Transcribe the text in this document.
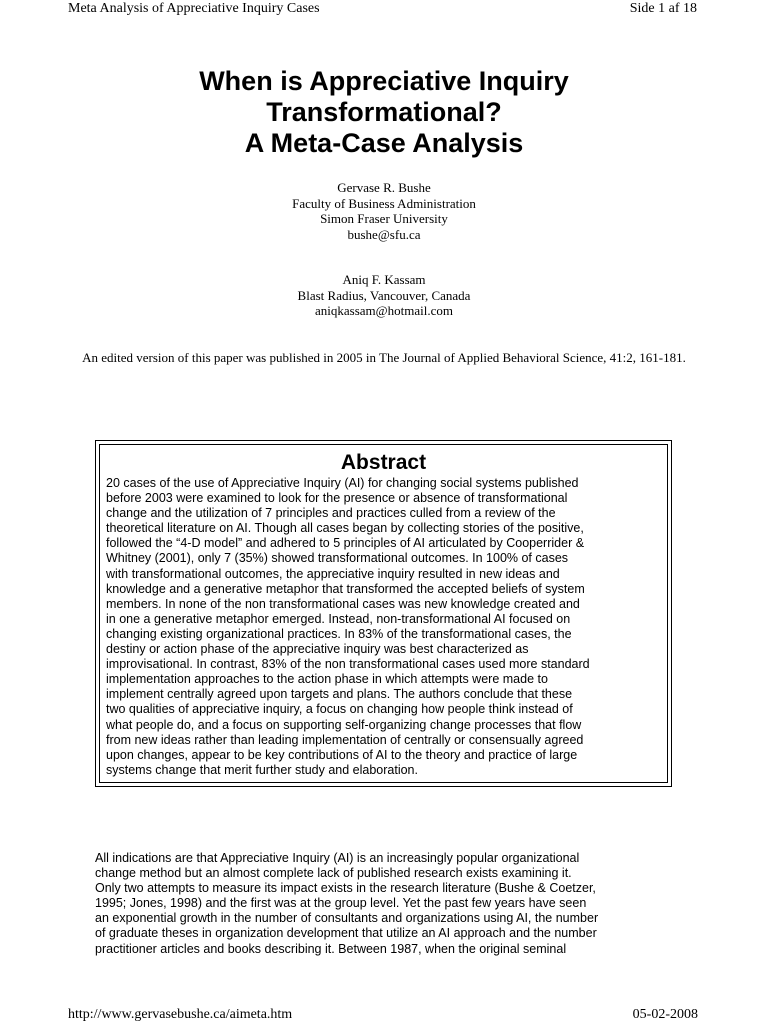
Meta Analysis of Appreciative Inquiry Cases	Side 1 af 18
When is Appreciative Inquiry
Transformational?
A Meta-Case Analysis
Gervase R. Bushe
Faculty of Business Administration
Simon Fraser University
bushe@sfu.ca
Aniq F. Kassam
Blast Radius, Vancouver, Canada
aniqkassam@hotmail.com
An edited version of this paper was published in 2005 in The Journal of Applied Behavioral Science, 41:2, 161-181.
Abstract
20 cases of the use of Appreciative Inquiry (AI) for changing social systems published
before 2003 were examined to look for the presence or absence of transformational
change and the utilization of 7 principles and practices culled from a review of the
theoretical literature on AI. Though all cases began by collecting stories of the positive,
followed the “4-D model” and adhered to 5 principles of AI articulated by Cooperrider &
Whitney (2001), only 7 (35%) showed transformational outcomes. In 100% of cases
with transformational outcomes, the appreciative inquiry resulted in new ideas and
knowledge and a generative metaphor that transformed the accepted beliefs of system
members. In none of the non transformational cases was new knowledge created and
in one a generative metaphor emerged. Instead, non-transformational AI focused on
changing existing organizational practices. In 83% of the transformational cases, the
destiny or action phase of the appreciative inquiry was best characterized as
improvisational. In contrast, 83% of the non transformational cases used more standard
implementation approaches to the action phase in which attempts were made to
implement centrally agreed upon targets and plans. The authors conclude that these
two qualities of appreciative inquiry, a focus on changing how people think instead of
what people do, and a focus on supporting self-organizing change processes that flow
from new ideas rather than leading implementation of centrally or consensually agreed
upon changes, appear to be key contributions of AI to the theory and practice of large
systems change that merit further study and elaboration.
All indications are that Appreciative Inquiry (AI) is an increasingly popular organizational
change method but an almost complete lack of published research exists examining it.
Only two attempts to measure its impact exists in the research literature (Bushe & Coetzer,
1995; Jones, 1998) and the first was at the group level. Yet the past few years have seen
an exponential growth in the number of consultants and organizations using AI, the number
of graduate theses in organization development that utilize an AI approach and the number
practitioner articles and books describing it. Between 1987, when the original seminal
http://www.gervasebushe.ca/aimeta.htm	05-02-2008
